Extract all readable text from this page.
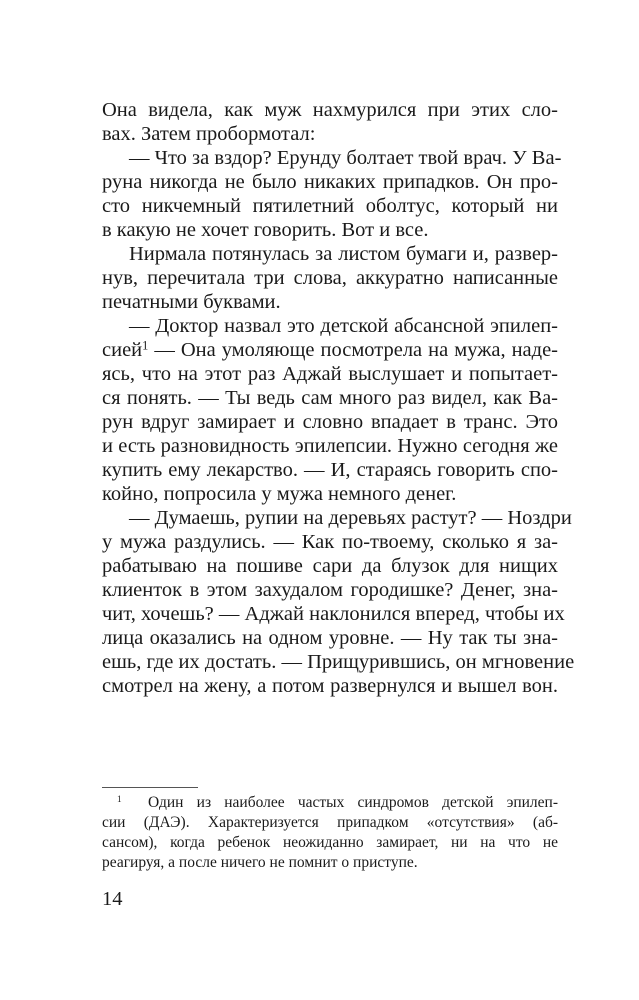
Она видела, как муж нахмурился при этих сло-
вах. Затем пробормотал:
— Что за вздор? Ерунду болтает твой врач. У Ва-
руна никогда не было никаких припадков. Он про-
сто никчемный пятилетний оболтус, который ни
в какую не хочет говорить. Вот и все.
Нирмала потянулась за листом бумаги и, развер-
нув, перечитала три слова, аккуратно написанные
печатными буквами.
— Доктор назвал это детской абсансной эпилеп-
сией$^1$ — Она умоляюще посмотрела на мужа, наде-
ясь, что на этот раз Аджай выслушает и попытает-
ся понять. — Ты ведь сам много раз видел, как Ва-
рун вдруг замирает и словно впадает в транс. Это
и есть разновидность эпилепсии. Нужно сегодня же
купить ему лекарство. — И, стараясь говорить спо-
койно, попросила у мужа немного денег.
— Думаешь, рупии на деревьях растут? — Ноздри
у мужа раздулись. — Как по-твоему, сколько я за-
рабатываю на пошиве сари да блузок для нищих
клиенток в этом захудалом городишке? Денег, зна-
чит, хочешь? — Аджай наклонился вперед, чтобы их
лица оказались на одном уровне. — Ну так ты зна-
ешь, где их достать. — Прищурившись, он мгновение
смотрел на жену, а потом развернулся и вышел вон.
$^1$ Один из наиболее частых синдромов детской эпилеп-
сии (ДАЭ). Характеризуется припадком «отсутствия» (аб-
сансом), когда ребенок неожиданно замирает, ни на что не
реагируя, а после ничего не помнит о приступе.
14
